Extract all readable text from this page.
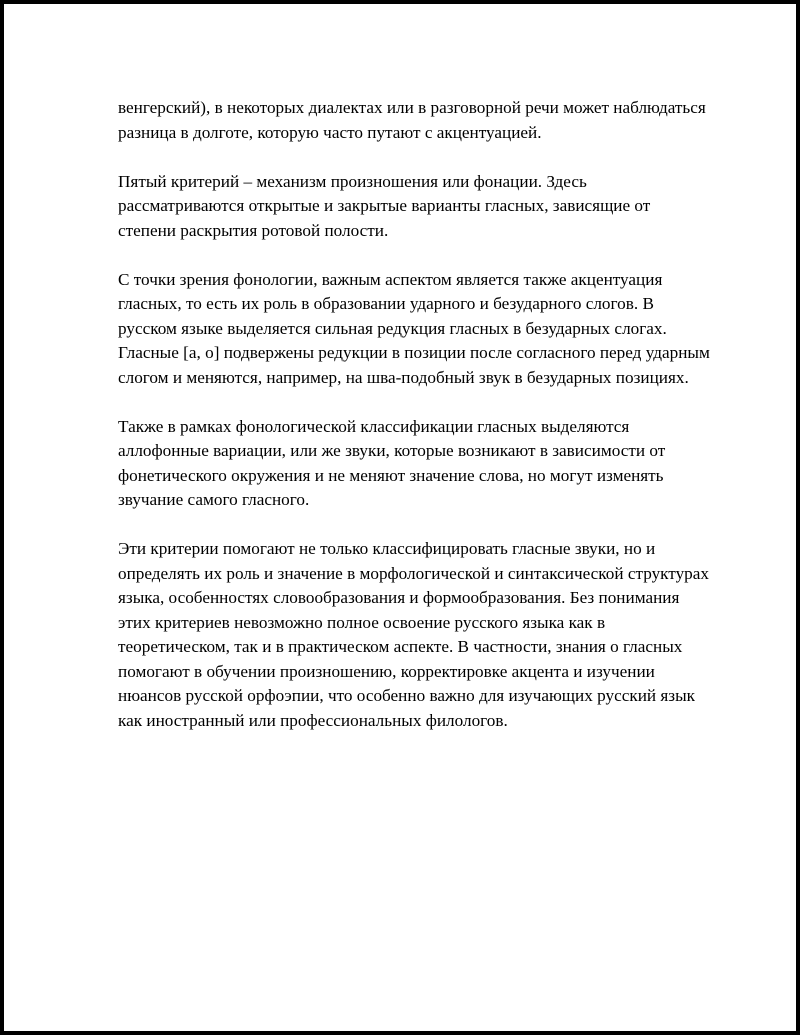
венгерский), в некоторых диалектах или в разговорной речи может наблюдаться разница в долготе, которую часто путают с акцентуацией.

Пятый критерий – механизм произношения или фонации. Здесь рассматриваются открытые и закрытые варианты гласных, зависящие от степени раскрытия ротовой полости.

С точки зрения фонологии, важным аспектом является также акцентуация гласных, то есть их роль в образовании ударного и безударного слогов. В русском языке выделяется сильная редукция гласных в безударных слогах. Гласные [а, о] подвержены редукции в позиции после согласного перед ударным слогом и меняются, например, на шва-подобный звук в безударных позициях.

Также в рамках фонологической классификации гласных выделяются аллофонные вариации, или же звуки, которые возникают в зависимости от фонетического окружения и не меняют значение слова, но могут изменять звучание самого гласного.

Эти критерии помогают не только классифицировать гласные звуки, но и определять их роль и значение в морфологической и синтаксической структурах языка, особенностях словообразования и формообразования. Без понимания этих критериев невозможно полное освоение русского языка как в теоретическом, так и в практическом аспекте. В частности, знания о гласных помогают в обучении произношению, корректировке акцента и изучении нюансов русской орфоэпии, что особенно важно для изучающих русский язык как иностранный или профессиональных филологов.
